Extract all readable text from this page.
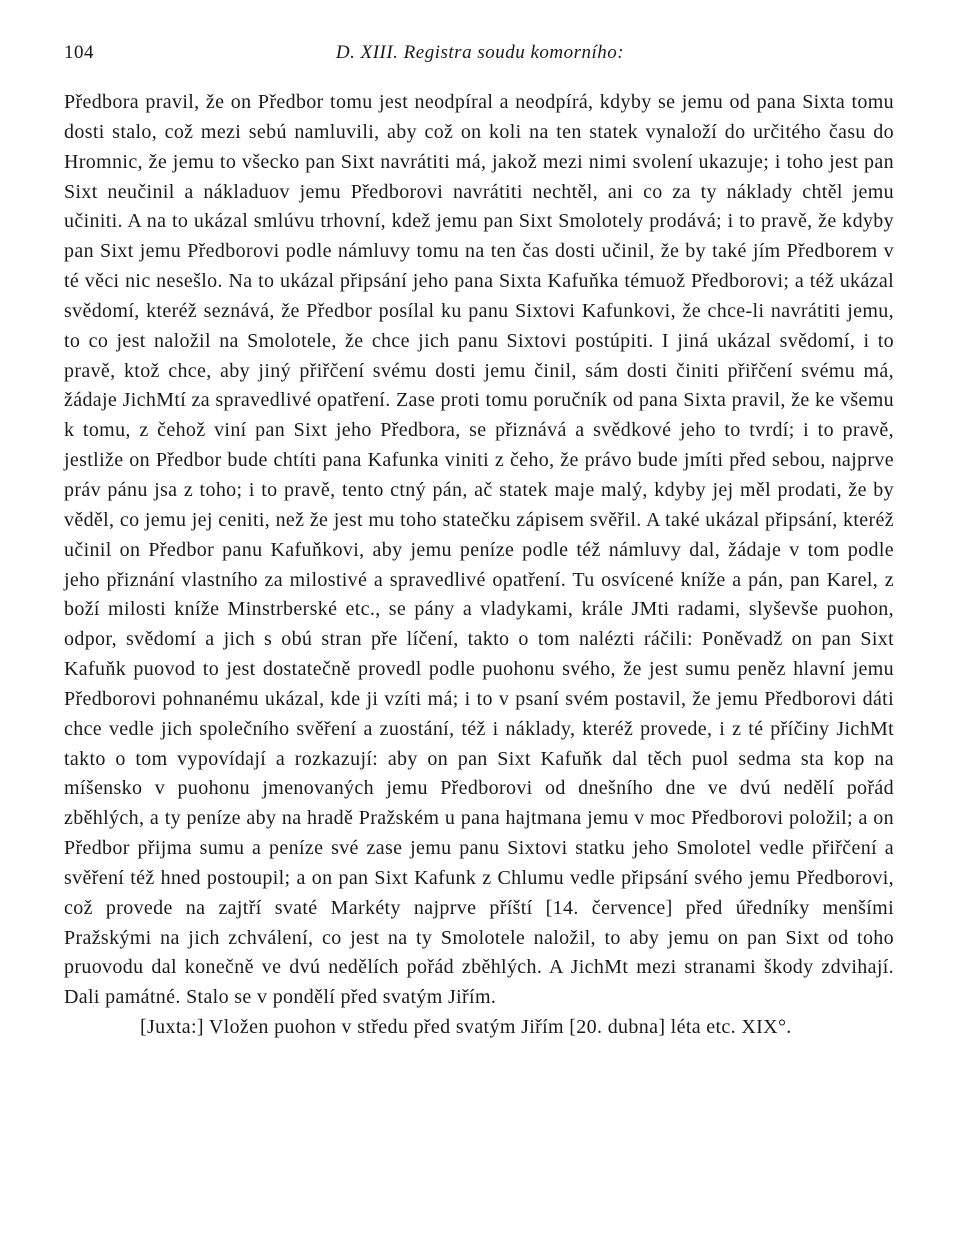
104	D. XIII. Registra soudu komorního:

Předbora pravil, že on Předbor tomu jest neodpíral a neodpírá, kdyby se jemu od pana Sixta tomu dosti stalo, což mezi sebú namluvili, aby což on koli na ten statek vynaloží do určitého času do Hromnic, že jemu to všecko pan Sixt navrátiti má, jakož mezi nimi svolení ukazuje; i toho jest pan Sixt neučinil a nákladuov jemu Předborovi navrátiti nechtěl, ani co za ty náklady chtěl jemu učiniti. A na to ukázal smlúvu trhovní, kdež jemu pan Sixt Smolotely prodává; i to pravě, že kdyby pan Sixt jemu Předborovi podle námluvy tomu na ten čas dosti učinil, že by také jím Předborem v té věci nic nesešlo. Na to ukázal připsání jeho pana Sixta Kafuňka témuož Předborovi; a též ukázal svědomí, kteréž seznává, že Předbor posílal ku panu Sixtovi Kafunkovi, že chce-li navrátiti jemu, to co jest naložil na Smolotele, že chce jich panu Sixtovi postúpiti. I jiná ukázal svědomí, i to pravě, ktož chce, aby jiný přiřčení svému dosti jemu činil, sám dosti činiti přiřčení svému má, žádaje JichMtí za spravedlivé opatření. Zase proti tomu poručník od pana Sixta pravil, že ke všemu k tomu, z čehož viní pan Sixt jeho Předbora, se přiznává a svědkové jeho to tvrdí; i to pravě, jestliže on Předbor bude chtíti pana Kafunka viniti z čeho, že právo bude jmíti před sebou, najprve práv pánu jsa z toho; i to pravě, tento ctný pán, ač statek maje malý, kdyby jej měl prodati, že by věděl, co jemu jej ceniti, než že jest mu toho statečku zápisem svěřil. A také ukázal připsání, kteréž učinil on Předbor panu Kafuňkovi, aby jemu peníze podle též námluvy dal, žádaje v tom podle jeho přiznání vlastního za milostivé a spravedlivé opatření. Tu osvícené kníže a pán, pan Karel, z boží milosti kníže Minstrberské etc., se pány a vladykami, krále JMti radami, slyševše puohon, odpor, svědomí a jich s obú stran pře líčení, takto o tom nalézti ráčili: Poněvadž on pan Sixt Kafuňk puovod to jest dostatečně provedl podle puohonu svého, že jest sumu peněz hlavní jemu Předborovi pohnanému ukázal, kde ji vzíti má; i to v psaní svém postavil, že jemu Předborovi dáti chce vedle jich společního svěření a zuostání, též i náklady, kteréž provede, i z té příčiny JichMt takto o tom vypovídají a rozkazují: aby on pan Sixt Kafuňk dal těch puol sedma sta kop na míšensko v puohonu jmenovaných jemu Předborovi od dnešního dne ve dvú nedělí pořád zběhlých, a ty peníze aby na hradě Pražském u pana hajtmana jemu v moc Předborovi položil; a on Předbor přijma sumu a peníze své zase jemu panu Sixtovi statku jeho Smolotel vedle přiřčení a svěření též hned postoupil; a on pan Sixt Kafunk z Chlumu vedle připsání svého jemu Předborovi, což provede na zajtří svaté Markéty najprve příští [14. července] před úředníky menšími Pražskými na jich zchválení, co jest na ty Smolotele naložil, to aby jemu on pan Sixt od toho pruovodu dal konečně ve dvú nedělích pořád zběhlých. A JichMt mezi stranami škody zdvihají. Dali památné. Stalo se v pondělí před svatým Jiřím.

[Juxta:] Vložen puohon v středu před svatým Jiřím [20. dubna] léta etc. XIX°.
